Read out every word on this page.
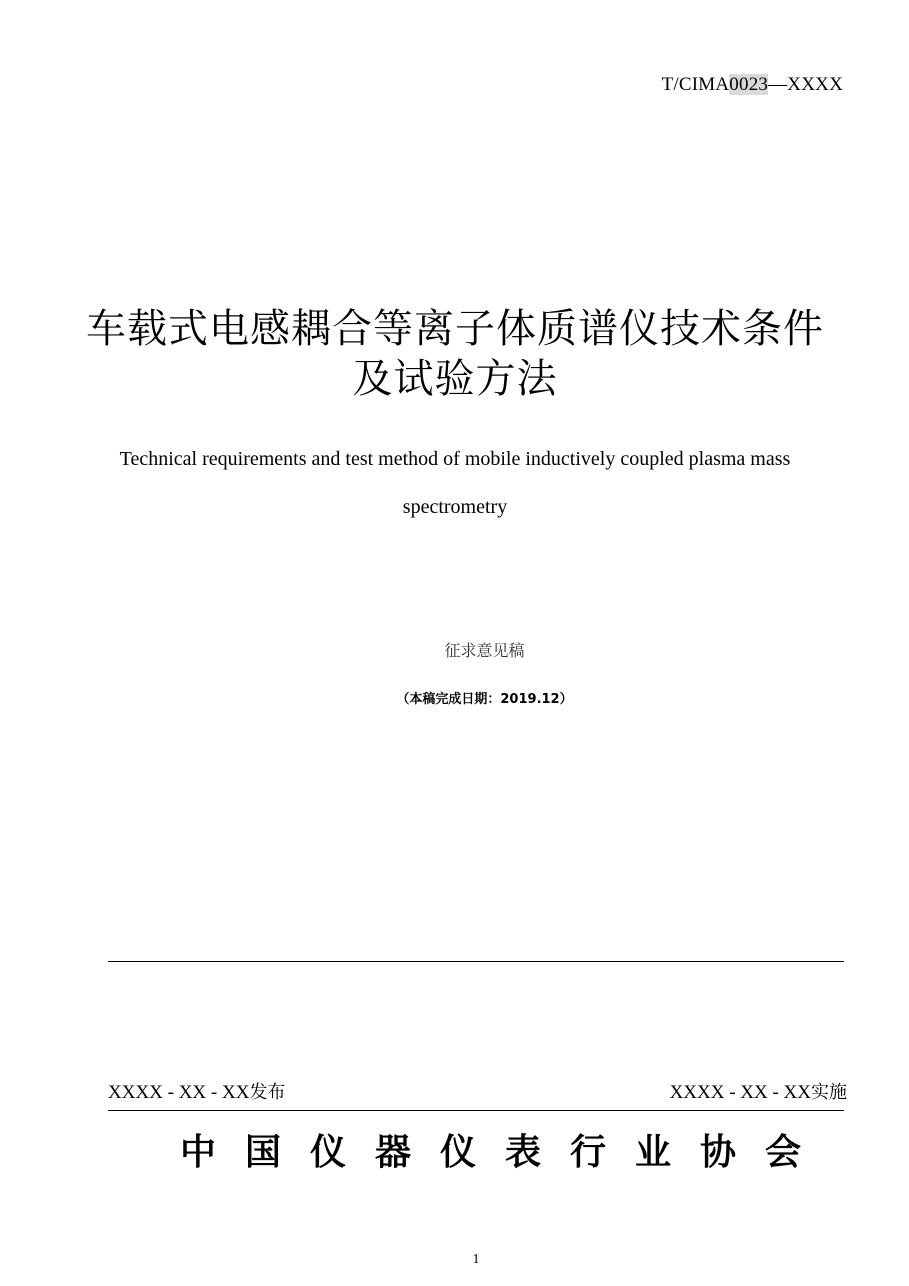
T/CIMA0023—XXXX
车载式电感耦合等离子体质谱仪技术条件
及试验方法
Technical requirements and test method of mobile inductively coupled plasma mass
spectrometry
征求意见稿
（本稿完成日期：2019.12）
XXXX - XX - XX发布	XXXX - XX - XX实施
中国仪器仪表行业协会
1
